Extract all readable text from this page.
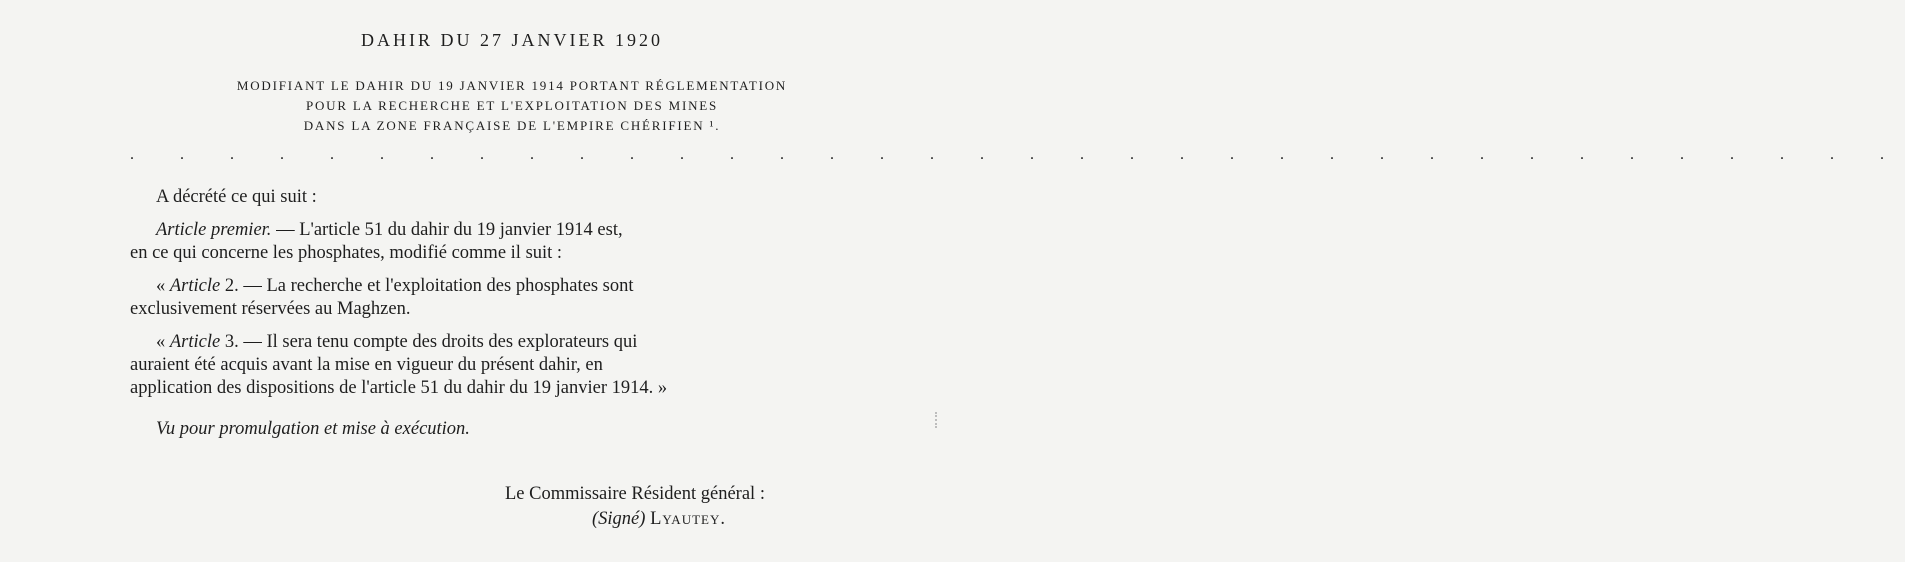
DAHIR DU 27 JANVIER 1920
MODIFIANT LE DAHIR DU 19 JANVIER 1914 PORTANT RÉGLEMENTATION
POUR LA RECHERCHE ET L'EXPLOITATION DES MINES
DANS LA ZONE FRANÇAISE DE L'EMPIRE CHÉRIFIEN ¹.
. . . . . . . . . . . . . . . . . . . . . . . . . . . . . . . . . . . .

A décrété ce qui suit :

Article premier. — L'article 51 du dahir du 19 janvier 1914 est,
en ce qui concerne les phosphates, modifié comme il suit :

« Article 2. — La recherche et l'exploitation des phosphates sont
exclusivement réservées au Maghzen.

« Article 3. — Il sera tenu compte des droits des explorateurs qui
auraient été acquis avant la mise en vigueur du présent dahir, en
application des dispositions de l'article 51 du dahir du 19 janvier 1914. »

Vu pour promulgation et mise à exécution.

Le Commissaire Résident général :
(Signé) Lyautey.
